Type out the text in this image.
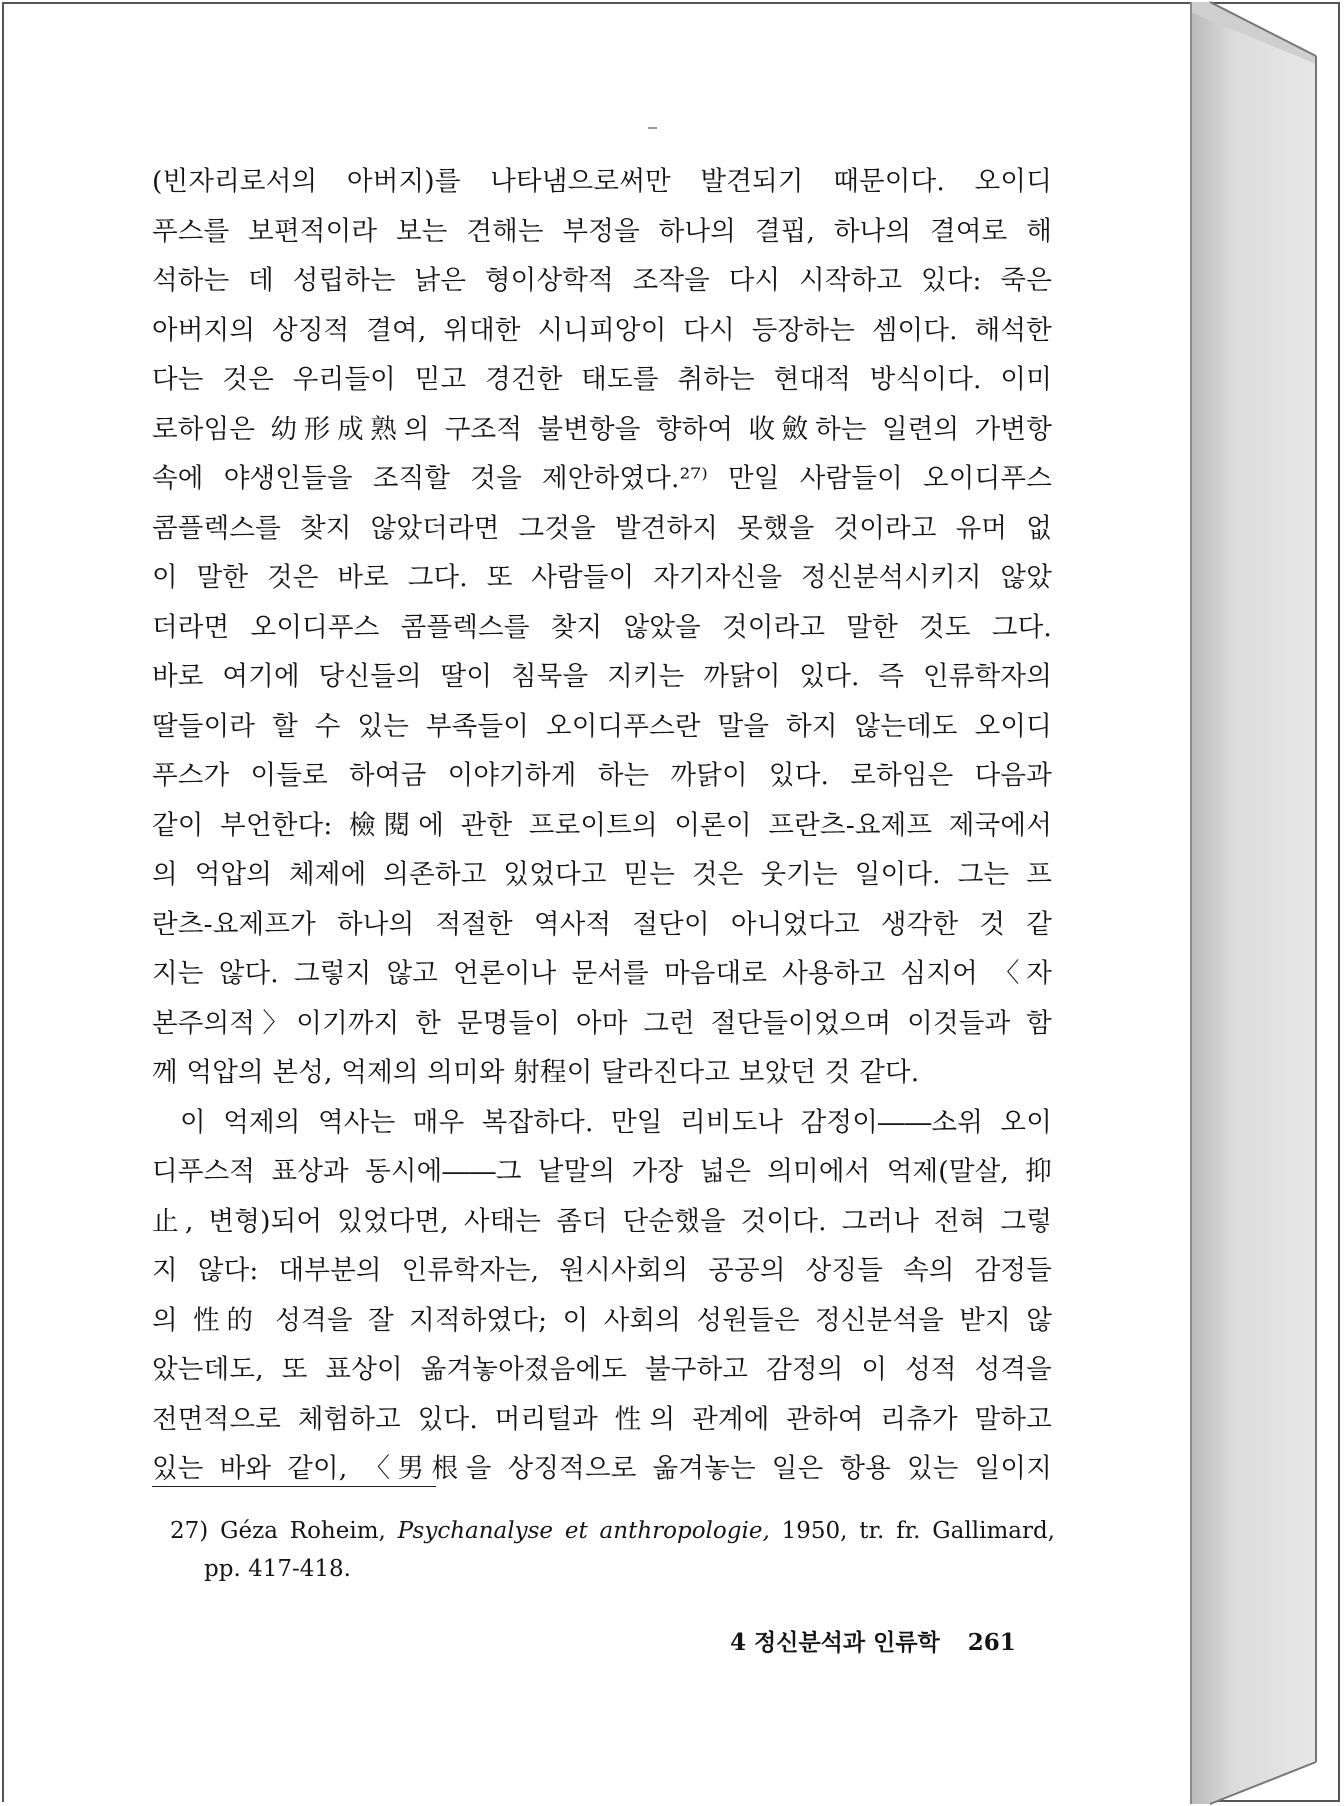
(빈자리로서의 아버지)를 나타냄으로써만 발견되기 때문이다. 오이디
푸스를 보편적이라 보는 견해는 부정을 하나의 결핍, 하나의 결여로 해
석하는 데 성립하는 낡은 형이상학적 조작을 다시 시작하고 있다: 죽은
아버지의 상징적 결여, 위대한 시니피앙이 다시 등장하는 셈이다. 해석한
다는 것은 우리들이 믿고 경건한 태도를 취하는 현대적 방식이다. 이미
로하임은 幼形成熟의 구조적 불변항을 향하여 收斂하는 일련의 가변항
속에 야생인들을 조직할 것을 제안하였다.²⁷⁾ 만일 사람들이 오이디푸스
콤플렉스를 찾지 않았더라면 그것을 발견하지 못했을 것이라고 유머 없
이 말한 것은 바로 그다. 또 사람들이 자기자신을 정신분석시키지 않았
더라면 오이디푸스 콤플렉스를 찾지 않았을 것이라고 말한 것도 그다.
바로 여기에 당신들의 딸이 침묵을 지키는 까닭이 있다. 즉 인류학자의
딸들이라 할 수 있는 부족들이 오이디푸스란 말을 하지 않는데도 오이디
푸스가 이들로 하여금 이야기하게 하는 까닭이 있다. 로하임은 다음과
같이 부언한다: 檢閱에 관한 프로이트의 이론이 프란츠-요제프 제국에서
의 억압의 체제에 의존하고 있었다고 믿는 것은 웃기는 일이다. 그는 프
란츠-요제프가 하나의 적절한 역사적 절단이 아니었다고 생각한 것 같
지는 않다. 그렇지 않고 언론이나 문서를 마음대로 사용하고 심지어 〈자
본주의적〉이기까지 한 문명들이 아마 그런 절단들이었으며 이것들과 함
께 억압의 본성, 억제의 의미와 射程이 달라진다고 보았던 것 같다.
이 억제의 역사는 매우 복잡하다. 만일 리비도나 감정이――소위 오이
디푸스적 표상과 동시에――그 낱말의 가장 넓은 의미에서 억제(말살, 抑
止, 변형)되어 있었다면, 사태는 좀더 단순했을 것이다. 그러나 전혀 그렇
지 않다: 대부분의 인류학자는, 원시사회의 공공의 상징들 속의 감정들
의 性的 성격을 잘 지적하였다; 이 사회의 성원들은 정신분석을 받지 않
았는데도, 또 표상이 옮겨놓아졌음에도 불구하고 감정의 이 성적 성격을
전면적으로 체험하고 있다. 머리털과 性의 관계에 관하여 리츄가 말하고
있는 바와 같이, 〈男根을 상징적으로 옮겨놓는 일은 항용 있는 일이지
27) Géza Roheim, Psychanalyse et anthropologie, 1950, tr. fr. Gallimard,
pp. 417-418.
4 정신분석과 인류학 261
